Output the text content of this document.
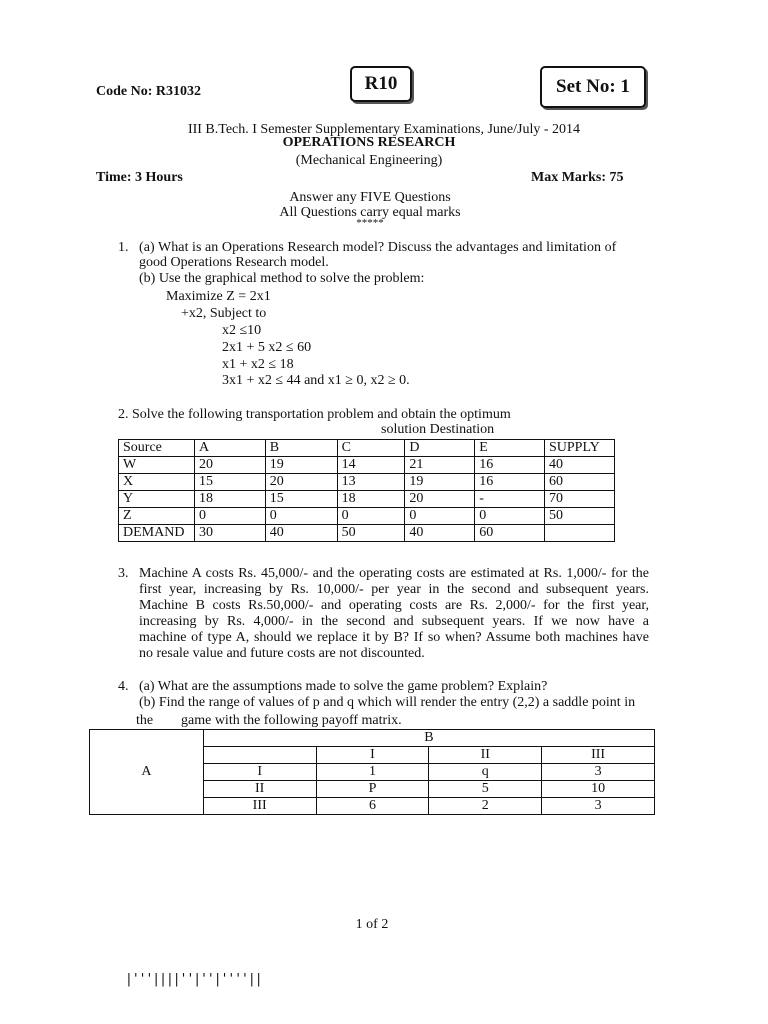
Code No: R31032	R10	Set No: 1
III B.Tech. I Semester Supplementary Examinations, June/July - 2014
OPERATIONS RESEARCH
(Mechanical Engineering)
Time: 3 Hours	Max Marks: 75
Answer any FIVE Questions
All Questions carry equal marks
*****
1. (a) What is an Operations Research model? Discuss the advantages and limitation of
good Operations Research model.
(b) Use the graphical method to solve the problem:
Maximize Z = 2x1
+x2, Subject to
x2 ≤10
2x1 + 5 x2 ≤ 60
x1 + x2 ≤ 18
3x1 + x2 ≤ 44 and x1 ≥ 0, x2 ≥ 0.
2. Solve the following transportation problem and obtain the optimum
solution Destination
Source	A	B	C	D	E	SUPPLY
W	20	19	14	21	16	40
X	15	20	13	19	16	60
Y	18	15	18	20	-	70
Z	0	0	0	0	0	50
DEMAND	30	40	50	40	60	
3. Machine A costs Rs. 45,000/- and the operating costs are estimated at Rs. 1,000/- for the
first year, increasing by Rs. 10,000/- per year in the second and subsequent years.
Machine B costs Rs.50,000/- and operating costs are Rs. 2,000/- for the first year,
increasing by Rs. 4,000/- in the second and subsequent years. If we now have a
machine of type A, should we replace it by B? If so when? Assume both machines have
no resale value and future costs are not discounted.
4. (a) What are the assumptions made to solve the game problem? Explain?
(b) Find the range of values of p and q which will render the entry (2,2) a saddle point in
the game with the following payoff matrix.
A	B			
		I	II	III
	I	1	q	3
	II	P	5	10
	III	6	2	3
1 of 2
|'''||||''|''|''''||
